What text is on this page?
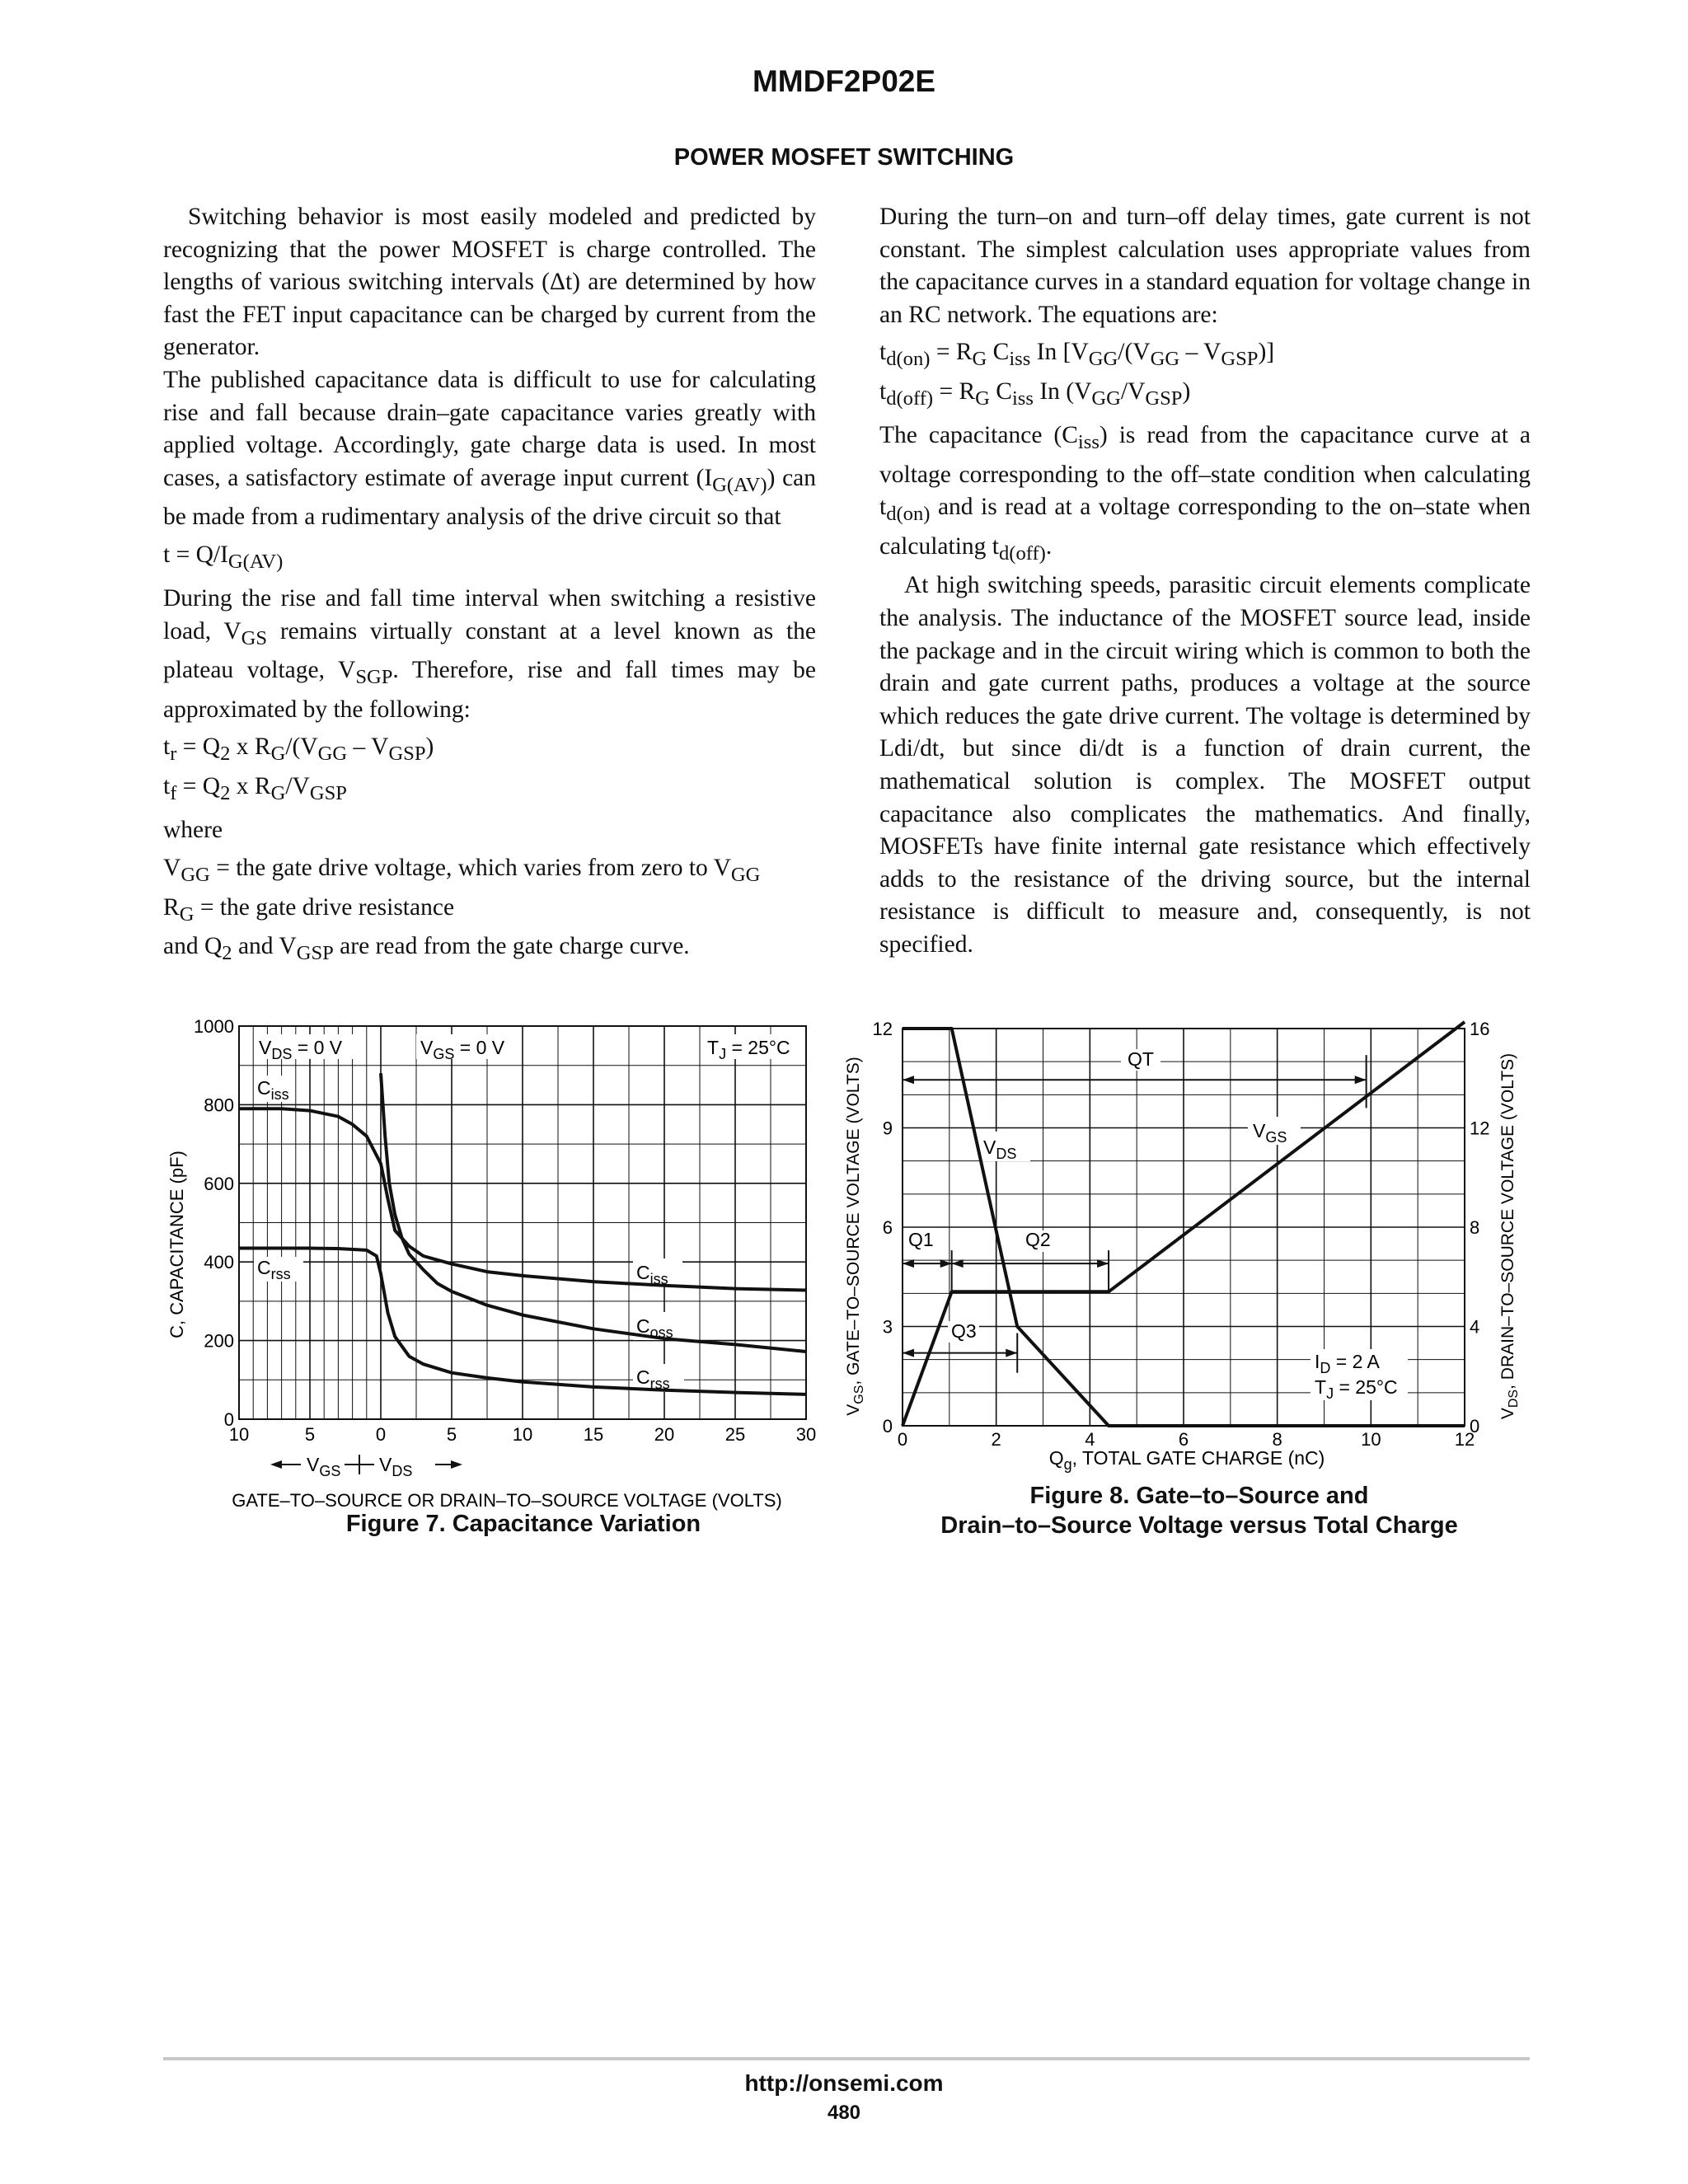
MMDF2P02E
POWER MOSFET SWITCHING

Switching behavior is most easily modeled and predicted by recognizing that the power MOSFET is charge controlled. The lengths of various switching intervals (Δt) are determined by how fast the FET input capacitance can be charged by current from the generator.

The published capacitance data is difficult to use for calculating rise and fall because drain–gate capacitance varies greatly with applied voltage. Accordingly, gate charge data is used. In most cases, a satisfactory estimate of average input current $(I_{G(AV)})$ can be made from a rudimentary analysis of the drive circuit so that

$t = Q/I_{G(AV)}$

During the rise and fall time interval when switching a resistive load, $V_{GS}$ remains virtually constant at a level known as the plateau voltage, $V_{SGP}$. Therefore, rise and fall times may be approximated by the following:

$t_r = Q_2$ x $R_G/(V_{GG} - V_{GSP})$

$t_f = Q_2$ x $R_G/V_{GSP}$

where

$V_{GG}$ = the gate drive voltage, which varies from zero to $V_{GG}$

$R_G$ = the gate drive resistance

and $Q_2$ and $V_{GSP}$ are read from the gate charge curve.

During the turn–on and turn–off delay times, gate current is not constant. The simplest calculation uses appropriate values from the capacitance curves in a standard equation for voltage change in an RC network. The equations are:

$t_{d(on)} = R_G$ $C_{iss}$ In $[V_{GG}/(V_{GG} - V_{GSP})]$

$t_{d(off)} = R_G$ $C_{iss}$ In $(V_{GG}/V_{GSP})$

The capacitance $(C_{iss})$ is read from the capacitance curve at a voltage corresponding to the off–state condition when calculating $t_{d(on)}$ and is read at a voltage corresponding to the on–state when calculating $t_{d(off)}$.

At high switching speeds, parasitic circuit elements complicate the analysis. The inductance of the MOSFET source lead, inside the package and in the circuit wiring which is common to both the drain and gate current paths, produces a voltage at the source which reduces the gate drive current. The voltage is determined by Ldi/dt, but since di/dt is a function of drain current, the mathematical solution is complex. The MOSFET output capacitance also complicates the mathematics. And finally, MOSFETs have finite internal gate resistance which effectively adds to the resistance of the driving source, but the internal resistance is difficult to measure and, consequently, is not specified.

10	5	0	5	10	15	20	25	30
0
200
400
600
800
1000
$V_{DS} = 0$ V	$V_{GS} = 0$ V	$T_J = 25^\circ C$
$C_{iss}$
$C_{rss}$	$C_{iss}$
$C_{oss}$
$C_{rss}$
C, CAPACITANCE (pF)
$V_{GS}$ $V_{DS}$
GATE–TO–SOURCE OR DRAIN–TO–SOURCE VOLTAGE (VOLTS)
Figure 7. Capacitance Variation
0	2	4	6	8	10	12
0
3
6
9
12
0
4
8
12
16
QT
Q1	Q2
Q3
$V_{DS}$
$V_{GS}$
$I_D = 2$ A
$T_J = 25^\circ C$
$V_{GS}$, GATE–TO–SOURCE VOLTAGE (VOLTS)
$V_{DS}$, DRAIN–TO–SOURCE VOLTAGE (VOLTS)
$Q_g$, TOTAL GATE CHARGE (nC)
Figure 8. Gate–to–Source and
Drain–to–Source Voltage versus Total Charge
http://onsemi.com
480
